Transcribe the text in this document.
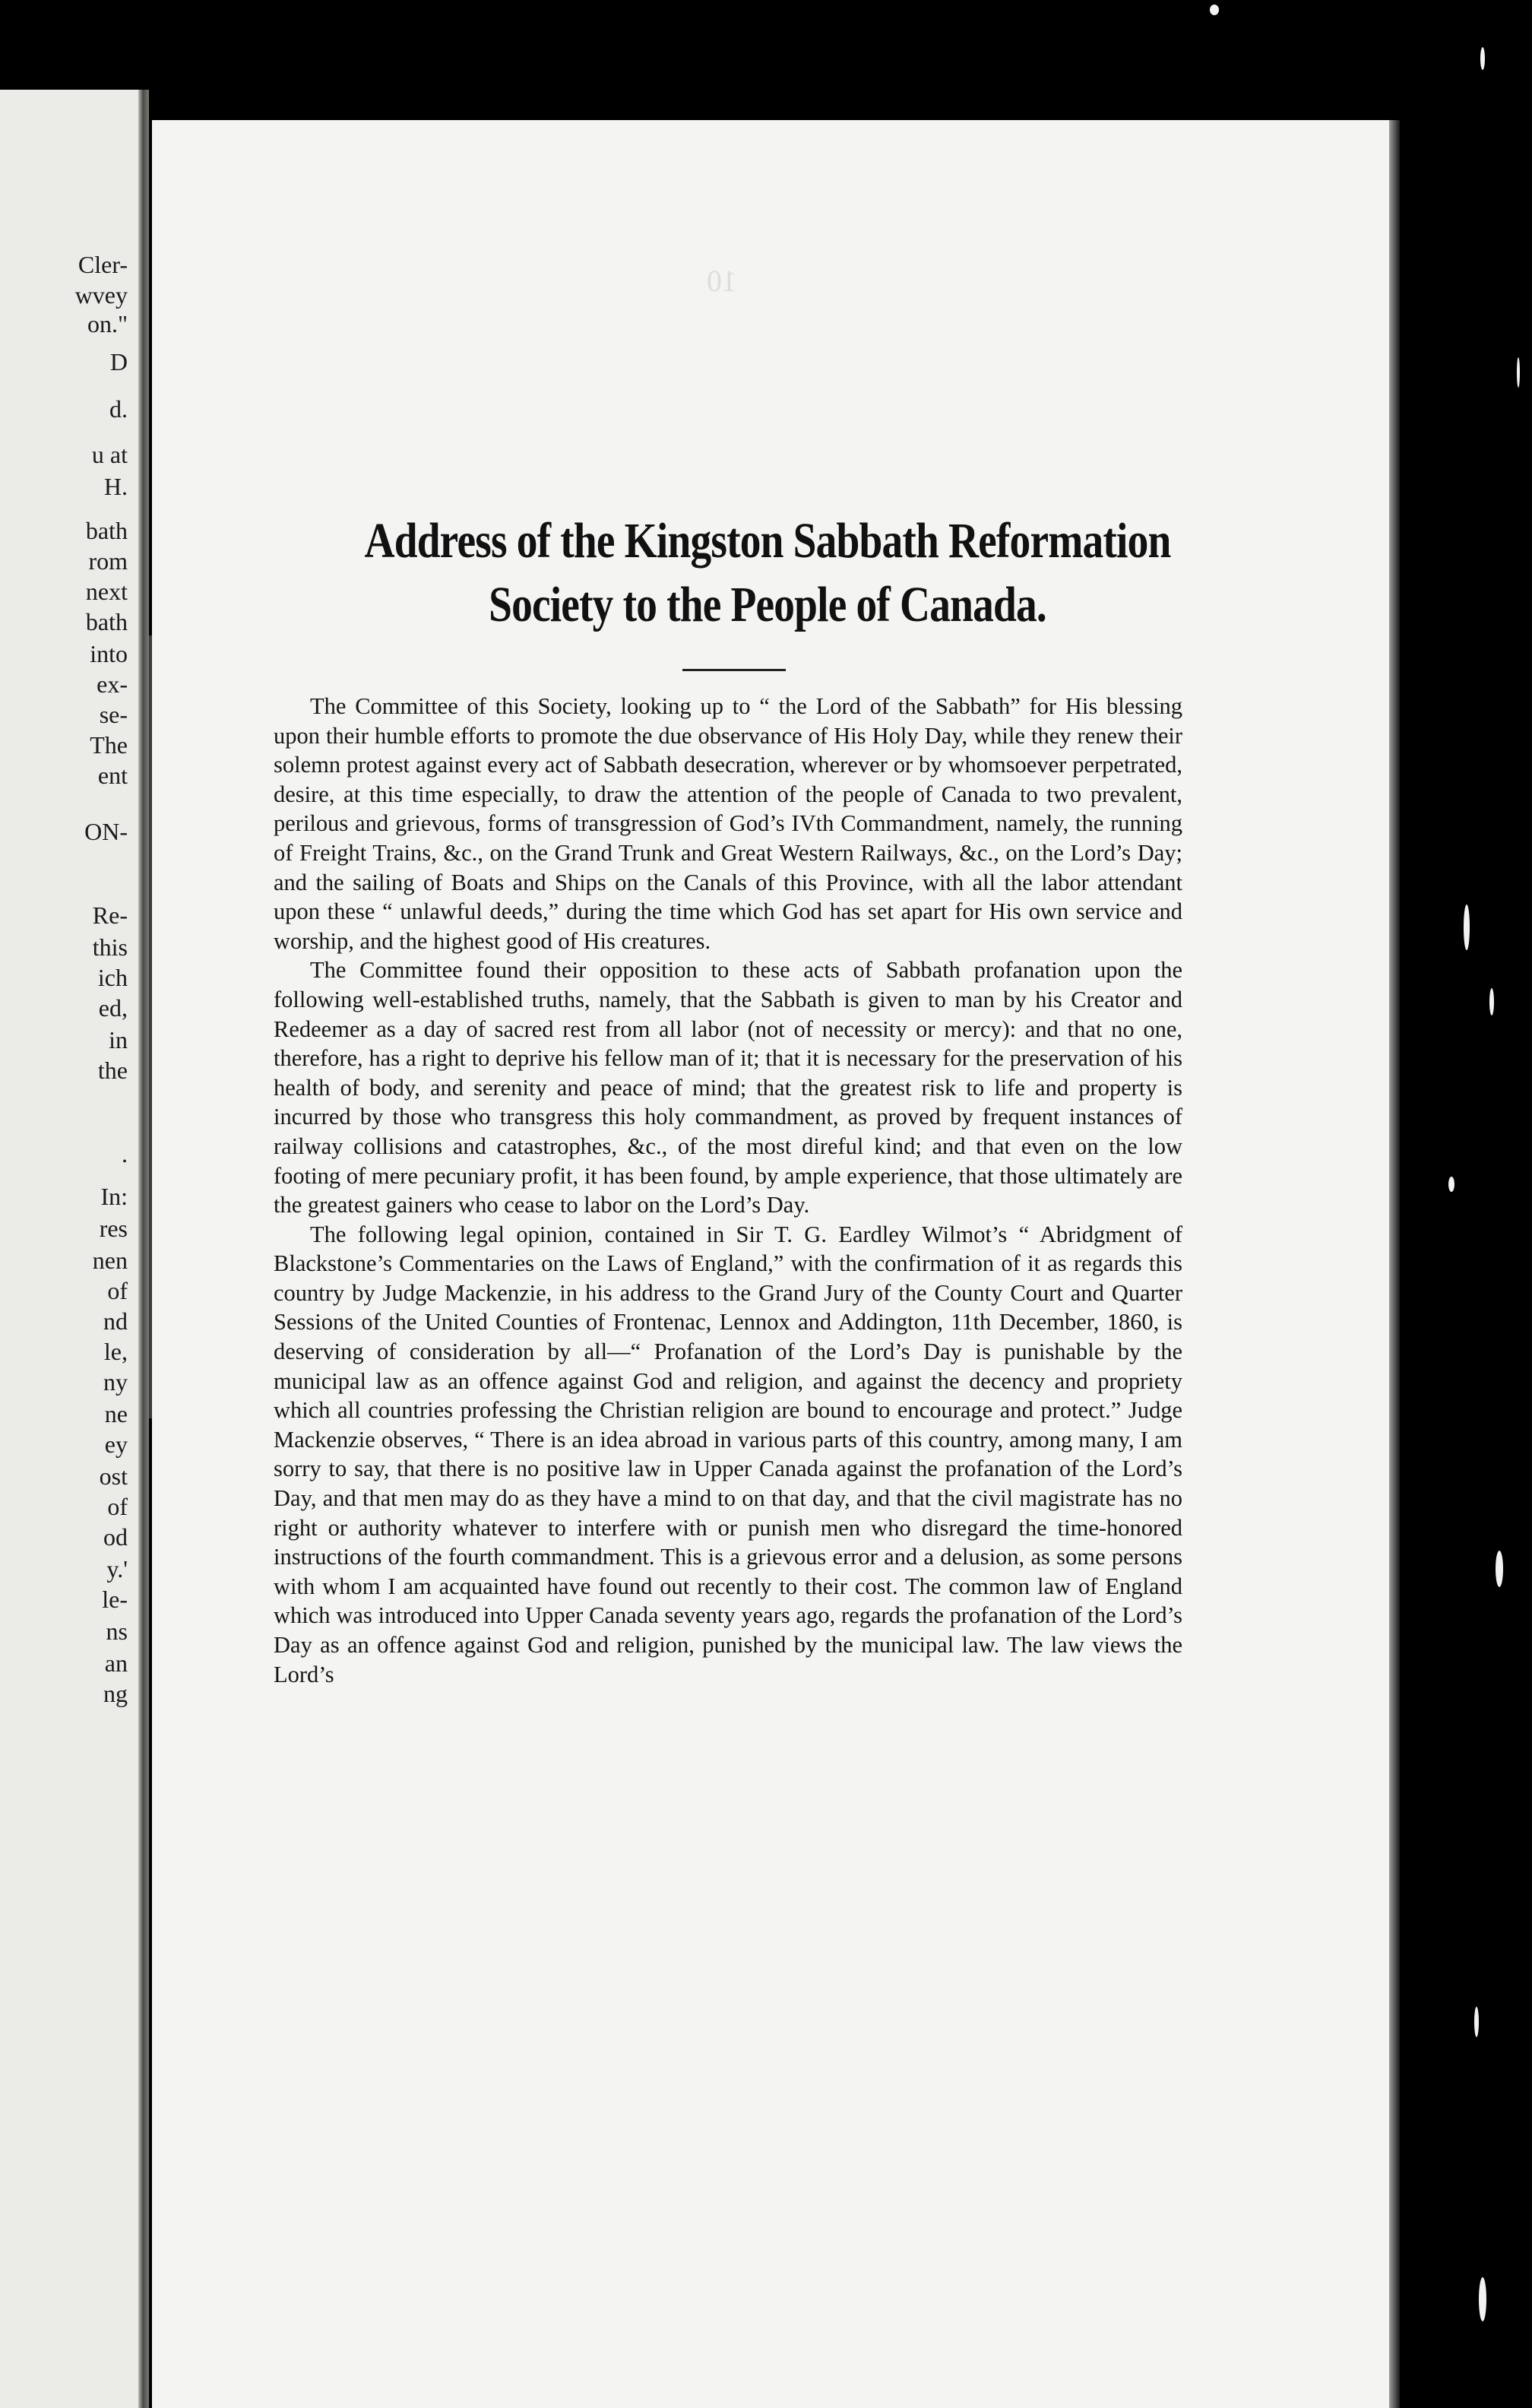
Cler-
wvey
on."
D
d.
u at
H.
bath
rom
next
bath
into
ex-
se-
The
ent
ON-
Re-
this
ich
ed,
in
the
.
In:
res
nen
of
nd
le,
ny
ne
ey
ost
of
od
y.'
le-
ns
an
ng
Address of the Kingston Sabbath Reformation
Society to the People of Canada.

The Committee of this Society, looking up to “ the Lord of the Sabbath” for His blessing upon their humble efforts to promote the due observance of His Holy Day, while they renew their solemn protest against every act of Sabbath desecration, wherever or by whomsoever perpetrated, desire, at this time especially, to draw the attention of the people of Canada to two prevalent, perilous and grievous, forms of transgression of God’s IVth Commandment, namely, the running of Freight Trains, &c., on the Grand Trunk and Great Western Railways, &c., on the Lord’s Day; and the sailing of Boats and Ships on the Canals of this Province, with all the labor attendant upon these “ unlawful deeds,” during the time which God has set apart for His own service and worship, and the highest good of His creatures.

The Committee found their opposition to these acts of Sabbath profanation upon the following well-established truths, namely, that the Sabbath is given to man by his Creator and Redeemer as a day of sacred rest from all labor (not of necessity or mercy): and that no one, therefore, has a right to deprive his fellow man of it; that it is necessary for the preservation of his health of body, and serenity and peace of mind; that the greatest risk to life and property is incurred by those who transgress this holy commandment, as proved by frequent instances of railway collisions and catastrophes, &c., of the most direful kind; and that even on the low footing of mere pecuniary profit, it has been found, by ample experience, that those ultimately are the greatest gainers who cease to labor on the Lord’s Day.

The following legal opinion, contained in Sir T. G. Eardley Wilmot’s “ Abridgment of Blackstone’s Commentaries on the Laws of England,” with the confirmation of it as regards this country by Judge Mackenzie, in his address to the Grand Jury of the County Court and Quarter Sessions of the United Counties of Frontenac, Lennox and Addington, 11th December, 1860, is deserving of consideration by all—“ Profanation of the Lord’s Day is punishable by the municipal law as an offence against God and religion, and against the decency and propriety which all countries professing the Christian religion are bound to encourage and protect.” Judge Mackenzie observes, “ There is an idea abroad in various parts of this country, among many, I am sorry to say, that there is no positive law in Upper Canada against the profanation of the Lord’s Day, and that men may do as they have a mind to on that day, and that the civil magistrate has no right or authority whatever to interfere with or punish men who disregard the time-honored instructions of the fourth commandment. This is a grievous error and a delusion, as some persons with whom I am acquainted have found out recently to their cost. The common law of England which was introduced into Upper Canada seventy years ago, regards the profanation of the Lord’s Day as an offence against God and religion, punished by the municipal law. The law views the Lord’s
